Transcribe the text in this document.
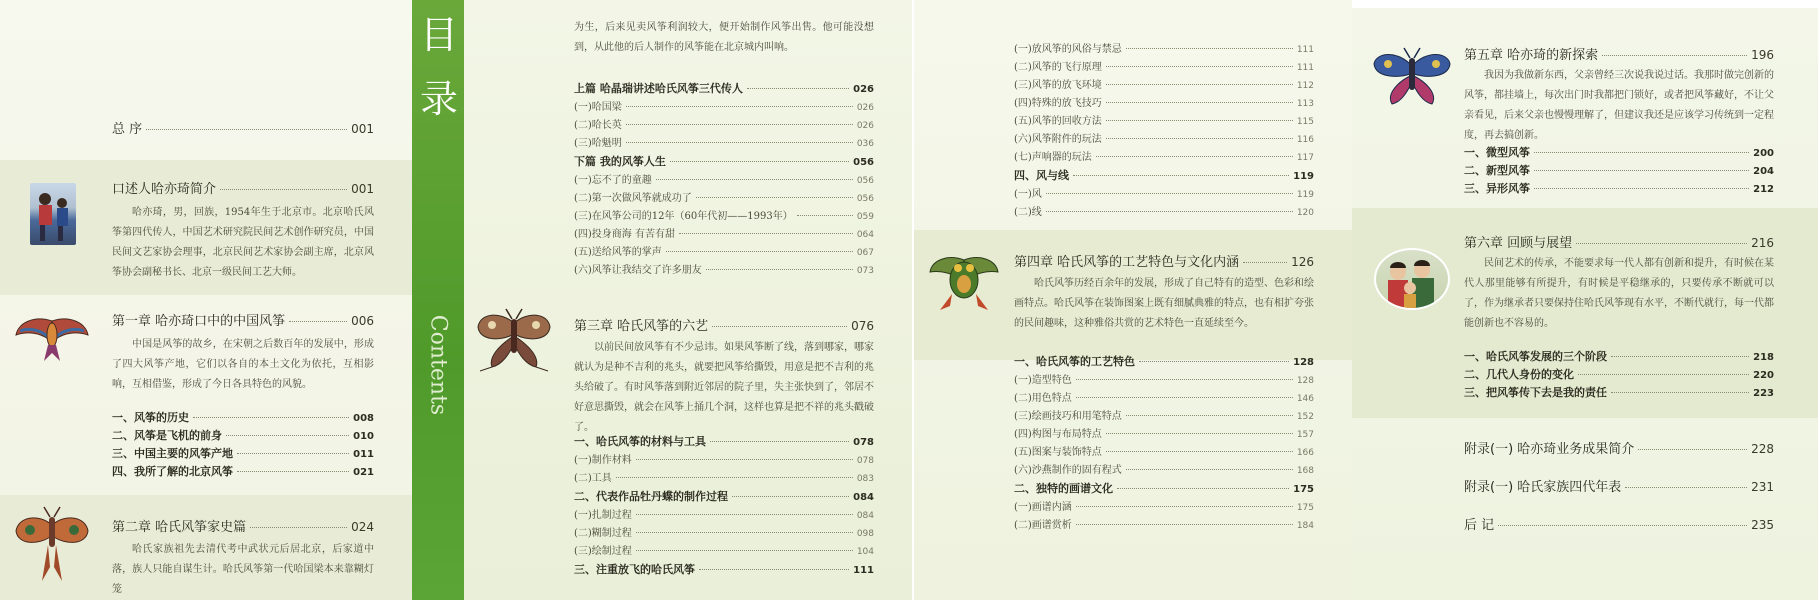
总 序	001
口述人哈亦琦简介	001
哈亦琦，男，回族，1954年生于北京市。北京哈氏风筝第四代传人，中国艺术研究院民间艺术创作研究员，中国民间文艺家协会理事，北京民间艺术家协会副主席，北京风筝协会副秘书长、北京一级民间工艺大师。
第一章 哈亦琦口中的中国风筝	006
中国是风筝的故乡，在宋朝之后数百年的发展中，形成了四大风筝产地，它们以各自的本土文化为依托，互相影响，互相借鉴，形成了今日各具特色的风貌。
一、风筝的历史	008
二、风筝是飞机的前身	010
三、中国主要的风筝产地	011
四、我所了解的北京风筝	021
第二章 哈氏风筝家史篇	024
哈氏家族祖先去清代考中武状元后居北京，后家道中落，族人只能自谋生计。哈氏风筝第一代哈国梁本来靠糊灯笼
目
录
Contents
为生，后来见卖风筝利润较大，便开始制作风筝出售。他可能没想到，从此他的后人制作的风筝能在北京城内叫响。
上篇 哈晶瑞讲述哈氏风筝三代传人	026
(一)哈国梁	026
(二)哈长英	026
(三)哈魁明	036
下篇 我的风筝人生	056
(一)忘不了的童趣	056
(二)第一次做风筝就成功了	056
(三)在风筝公司的12年（60年代初——1993年）	059
(四)投身商海 有苦有甜	064
(五)送给风筝的掌声	067
(六)风筝让我结交了许多朋友	073
第三章 哈氏风筝的六艺	076
以前民间放风筝有不少忌讳。如果风筝断了线，落到哪家，哪家就认为是种不吉利的兆头，就要把风筝给撕毁，用意是把不吉利的兆头给破了。有时风筝落到附近邻居的院子里，失主张快到了，邻居不好意思撕毁，就会在风筝上捅几个洞，这样也算是把不祥的兆头戳破了。
一、哈氏风筝的材料与工具	078
(一)制作材料	078
(二)工具	083
二、代表作品牡丹蝶的制作过程	084
(一)扎制过程	084
(二)糊制过程	098
(三)绘制过程	104
三、注重放飞的哈氏风筝	111
(一)放风筝的风俗与禁忌	111
(二)风筝的飞行原理	111
(三)风筝的放飞环境	112
(四)特殊的放飞技巧	113
(五)风筝的回收方法	115
(六)风筝附件的玩法	116
(七)声响器的玩法	117
四、风与线	119
(一)风	119
(二)线	120
第四章 哈氏风筝的工艺特色与文化内涵	126
哈氏风筝历经百余年的发展，形成了自己特有的造型、色彩和绘画特点。哈氏风筝在装饰图案上既有细腻典雅的特点，也有相扩夸张的民间趣味，这种雅俗共赏的艺术特色一直延续至今。
一、哈氏风筝的工艺特色	128
(一)造型特色	128
(二)用色特点	146
(三)绘画技巧和用笔特点	152
(四)构图与布局特点	157
(五)图案与装饰特点	166
(六)沙燕制作的固有程式	168
二、独特的画谱文化	175
(一)画谱内涵	175
(二)画谱赏析	184
第五章 哈亦琦的新探索	196
我因为我做新东西，父亲曾经三次说我说过话。我那时做完创新的风筝，都挂墙上，每次出门时我都把门锁好，或者把风筝藏好，不让父亲看见，后来父亲也慢慢理解了，但建议我还是应该学习传统到一定程度，再去搞创新。
一、微型风筝	200
二、新型风筝	204
三、异形风筝	212
第六章 回顾与展望	216
民间艺术的传承，不能要求每一代人都有创新和提升，有时候在某代人那里能够有所提升，有时候是平稳继承的，只要传承不断就可以了，作为继承者只要保持住哈氏风筝现有水平，不断代就行，每一代都能创新也不容易的。
一、哈氏风筝发展的三个阶段	218
二、几代人身份的变化	220
三、把风筝传下去是我的责任	223
附录(一) 哈亦琦业务成果简介	228
附录(一) 哈氏家族四代年表	231
后 记	235
